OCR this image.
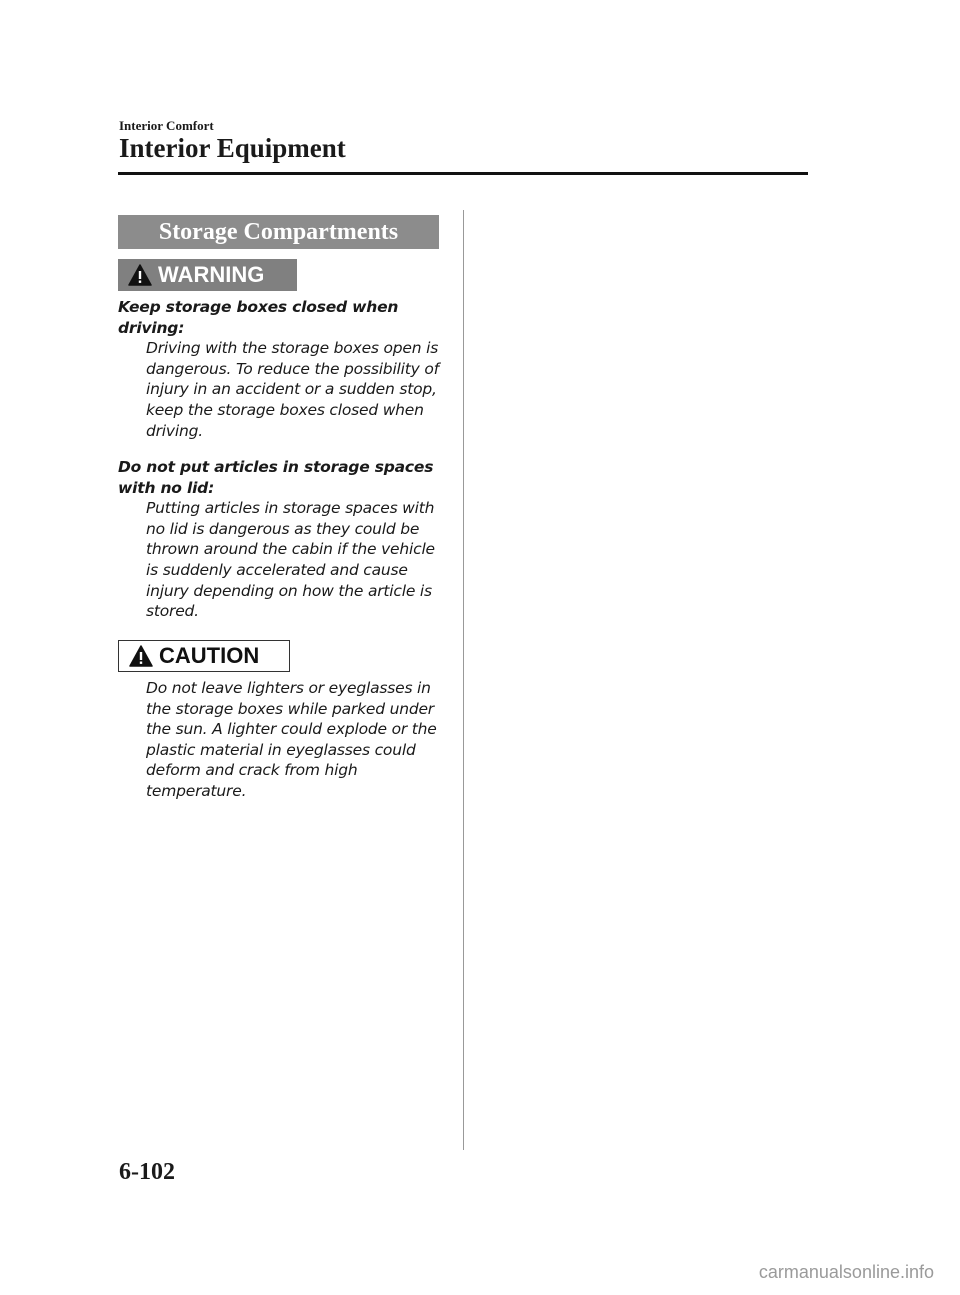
Interior Comfort
Interior Equipment
Storage Compartments
WARNING
Keep storage boxes closed when driving:
Driving with the storage boxes open is dangerous. To reduce the possibility of injury in an accident or a sudden stop, keep the storage boxes closed when driving.
Do not put articles in storage spaces with no lid:
Putting articles in storage spaces with no lid is dangerous as they could be thrown around the cabin if the vehicle is suddenly accelerated and cause injury depending on how the article is stored.
CAUTION
Do not leave lighters or eyeglasses in the storage boxes while parked under the sun. A lighter could explode or the plastic material in eyeglasses could deform and crack from high temperature.
6-102
carmanualsonline.info
